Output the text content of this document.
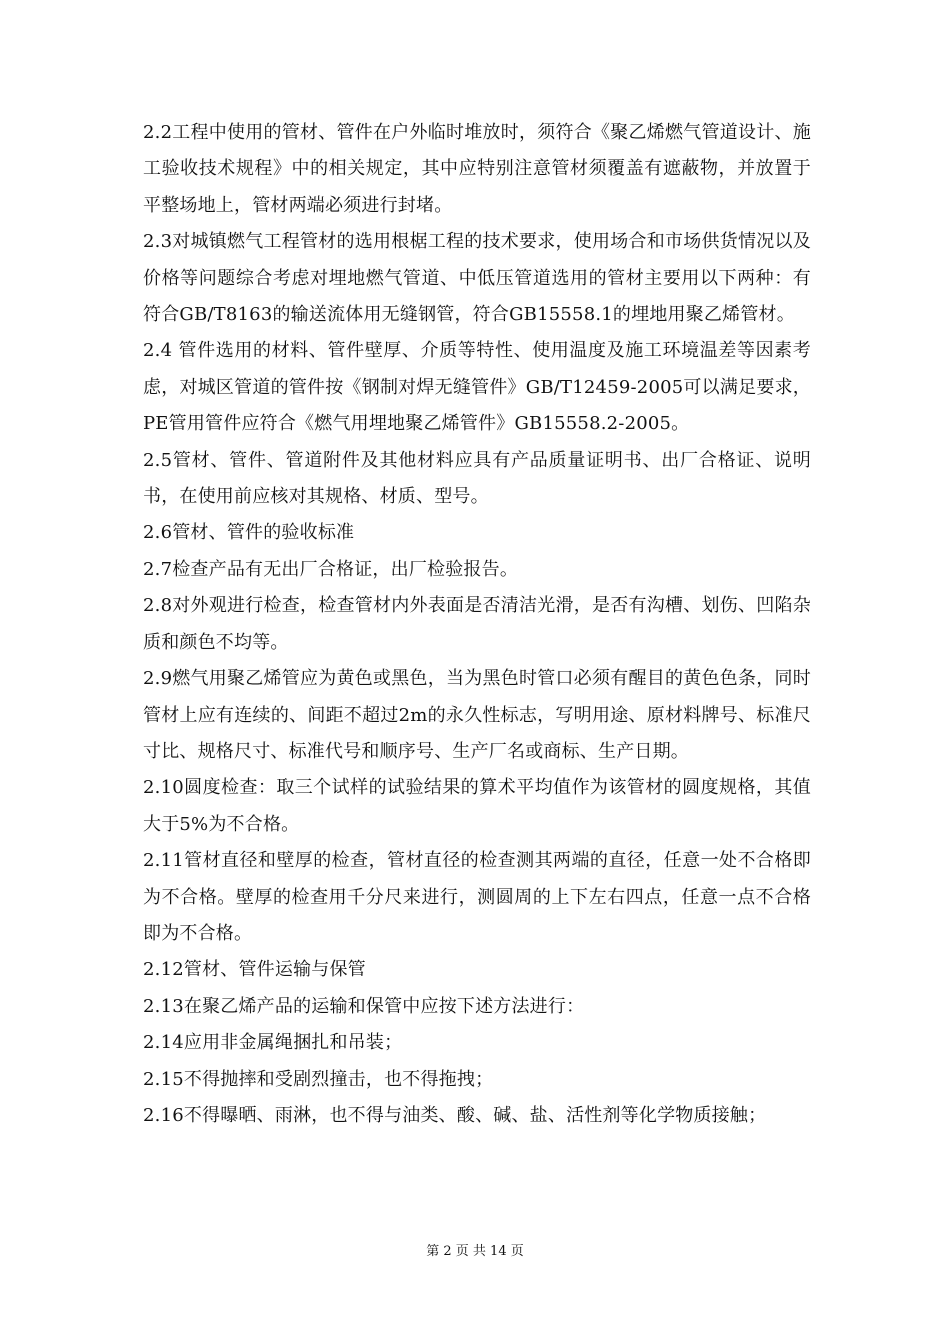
2.2工程中使用的管材、管件在户外临时堆放时，须符合《聚乙烯燃气管道设计、施工验收技术规程》中的相关规定，其中应特别注意管材须覆盖有遮蔽物，并放置于平整场地上，管材两端必须进行封堵。

2.3对城镇燃气工程管材的选用根椐工程的技术要求，使用场合和市场供货情况以及价格等问题综合考虑对埋地燃气管道、中低压管道选用的管材主要用以下两种：有符合GB/T8163的输送流体用无缝钢管，符合GB15558.1的埋地用聚乙烯管材。

2.4 管件选用的材料、管件壁厚、介质等特性、使用温度及施工环境温差等因素考虑，对城区管道的管件按《钢制对焊无缝管件》GB/T12459-2005可以满足要求，PE管用管件应符合《燃气用埋地聚乙烯管件》GB15558.2-2005。

2.5管材、管件、管道附件及其他材料应具有产品质量证明书、出厂合格证、说明书，在使用前应核对其规格、材质、型号。

2.6管材、管件的验收标准

2.7检查产品有无出厂合格证，出厂检验报告。

2.8对外观进行检查，检查管材内外表面是否清洁光滑，是否有沟槽、划伤、凹陷杂质和颜色不均等。

2.9燃气用聚乙烯管应为黄色或黑色，当为黑色时管口必须有醒目的黄色色条，同时管材上应有连续的、间距不超过2m的永久性标志，写明用途、原材料牌号、标准尺寸比、规格尺寸、标准代号和顺序号、生产厂名或商标、生产日期。

2.10圆度检查：取三个试样的试验结果的算术平均值作为该管材的圆度规格，其值大于5%为不合格。

2.11管材直径和壁厚的检查，管材直径的检查测其两端的直径，任意一处不合格即为不合格。壁厚的检查用千分尺来进行，测圆周的上下左右四点，任意一点不合格即为不合格。

2.12管材、管件运输与保管

2.13在聚乙烯产品的运输和保管中应按下述方法进行：

2.14应用非金属绳捆扎和吊装；

2.15不得抛摔和受剧烈撞击，也不得拖拽；

2.16不得曝晒、雨淋，也不得与油类、酸、碱、盐、活性剂等化学物质接触；

第 2 页 共 14 页
